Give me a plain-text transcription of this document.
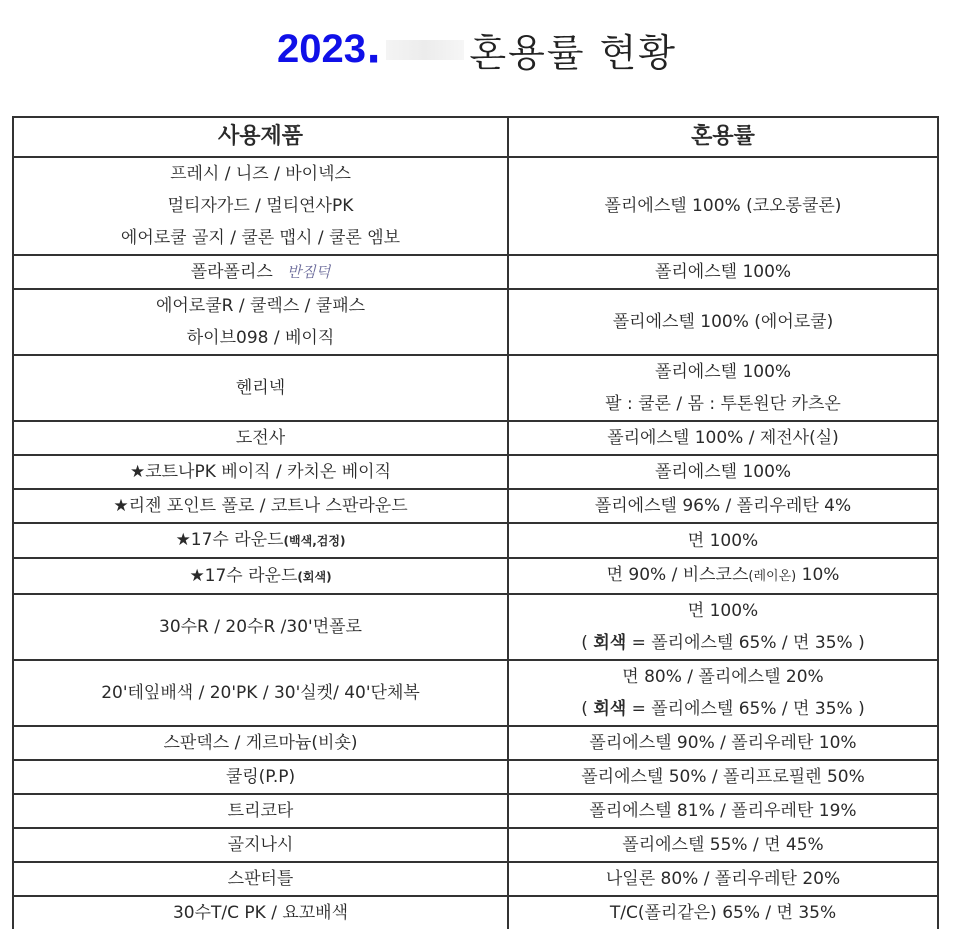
2023. 혼용률 현황
사용제품	혼용률

프레시 / 니즈 / 바이넥스
멀티자가드 / 멀티연사PK
에어로쿨 골지 / 쿨론 맵시 / 쿨론 엠보	폴리에스텔 100% (코오롱쿨론)

폴라폴리스 반짐덕	폴리에스텔 100%

에어로쿨R / 쿨렉스 / 쿨패스
하이브098 / 베이직	폴리에스텔 100% (에어로쿨)

헨리넥	폴리에스텔 100%
팔 : 쿨론 / 몸 : 투톤원단 카츠온

도전사	폴리에스텔 100% / 제전사(실)

★코트나PK 베이직 / 카치온 베이직	폴리에스텔 100%

★리젠 포인트 폴로 / 코트나 스판라운드	폴리에스텔 96% / 폴리우레탄 4%

★17수 라운드(백색,검정)	면 100%

★17수 라운드(회색)	면 90% / 비스코스(레이온) 10%

30수R / 20수R /30'면폴로	면 100%
( 회색 = 폴리에스텔 65% / 면 35% )

20'테잎배색 / 20'PK / 30'실켓/ 40'단체복	면 80% / 폴리에스텔 20%
( 회색 = 폴리에스텔 65% / 면 35% )

스판덱스 / 게르마늄(비숏)	폴리에스텔 90% / 폴리우레탄 10%

쿨링(P.P)	폴리에스텔 50% / 폴리프로필렌 50%

트리코타	폴리에스텔 81% / 폴리우레탄 19%

골지나시	폴리에스텔 55% / 면 45%

스판터틀	나일론 80% / 폴리우레탄 20%

30수T/C PK / 요꼬배색	T/C(폴리같은) 65% / 면 35%
